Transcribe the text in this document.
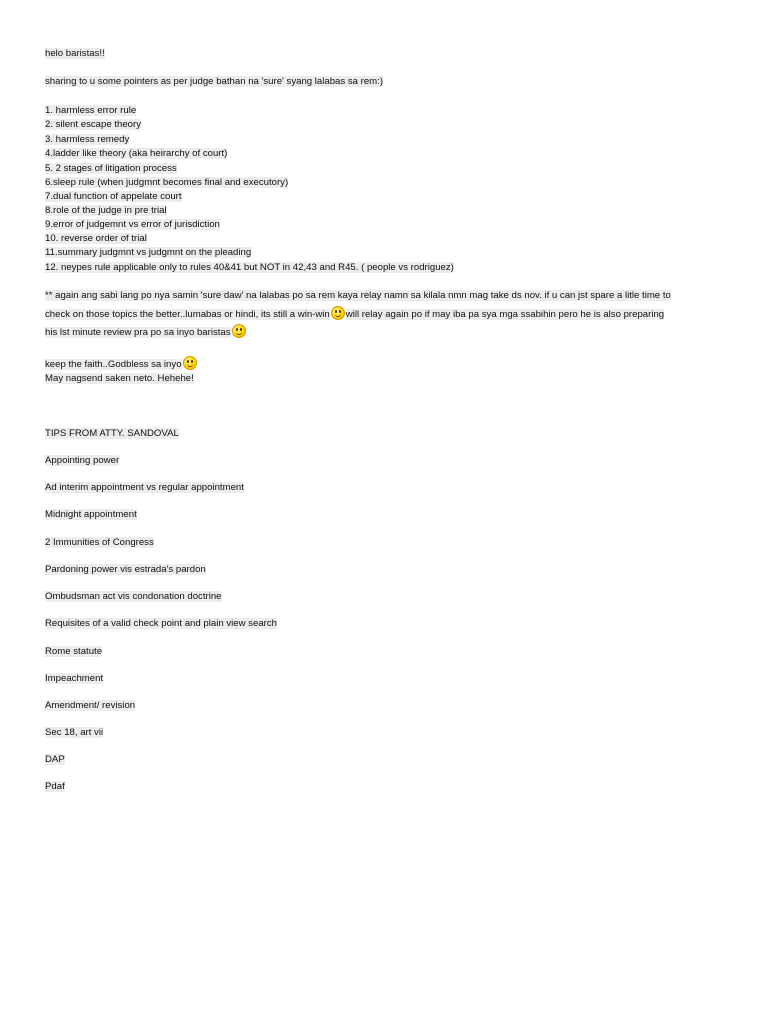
helo baristas!!
sharing to u some pointers as per judge bathan na 'sure' syang lalabas sa rem:)
1. harmless error rule
2. silent escape theory
3. harmless remedy
4.ladder like theory (aka heirarchy of court)
5. 2 stages of litigation process
6.sleep rule (when judgmnt becomes final and executory)
7.dual function of appelate court
8.role of the judge in pre trial
9.error of judgemnt vs error of jurisdiction
10. reverse order of trial
11.summary judgmnt vs judgmnt on the pleading
12. neypes rule applicable only to rules 40&41 but NOT in 42,43 and R45. ( people vs rodriguez)
** again ang sabi lang po nya samin 'sure daw' na lalabas po sa rem kaya relay namn sa kilala nmn mag take ds nov. if u can jst spare a litle time to
check on those topics the better..lumabas or hindi, its still a win-win will relay again po if may iba pa sya mga ssabihin pero he is also preparing
his lst minute review pra po sa inyo baristas
keep the faith..Godbless sa inyo
May nagsend saken neto. Hehehe!
TIPS FROM ATTY. SANDOVAL
Appointing power
Ad interim appointment vs regular appointment
Midnight appointment
2 Immunities of Congress
Pardoning power vis estrada's pardon
Ombudsman act vis condonation doctrine
Requisites of a valid check point and plain view search
Rome statute
Impeachment
Amendment/ revision
Sec 18, art vii
DAP
Pdaf
